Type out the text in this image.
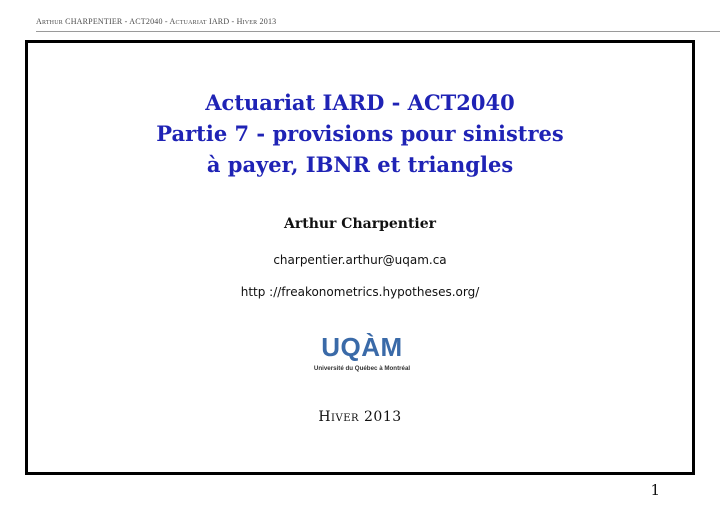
Arthur CHARPENTIER - ACT2040 - Actuariat IARD - Hiver 2013
Actuariat IARD - ACT2040
Partie 7 - provisions pour sinistres
à payer, IBNR et triangles
Arthur Charpentier
charpentier.arthur@uqam.ca
http ://freakonometrics.hypotheses.org/
UQÀM
Université du Québec à Montréal
Hiver 2013
1
